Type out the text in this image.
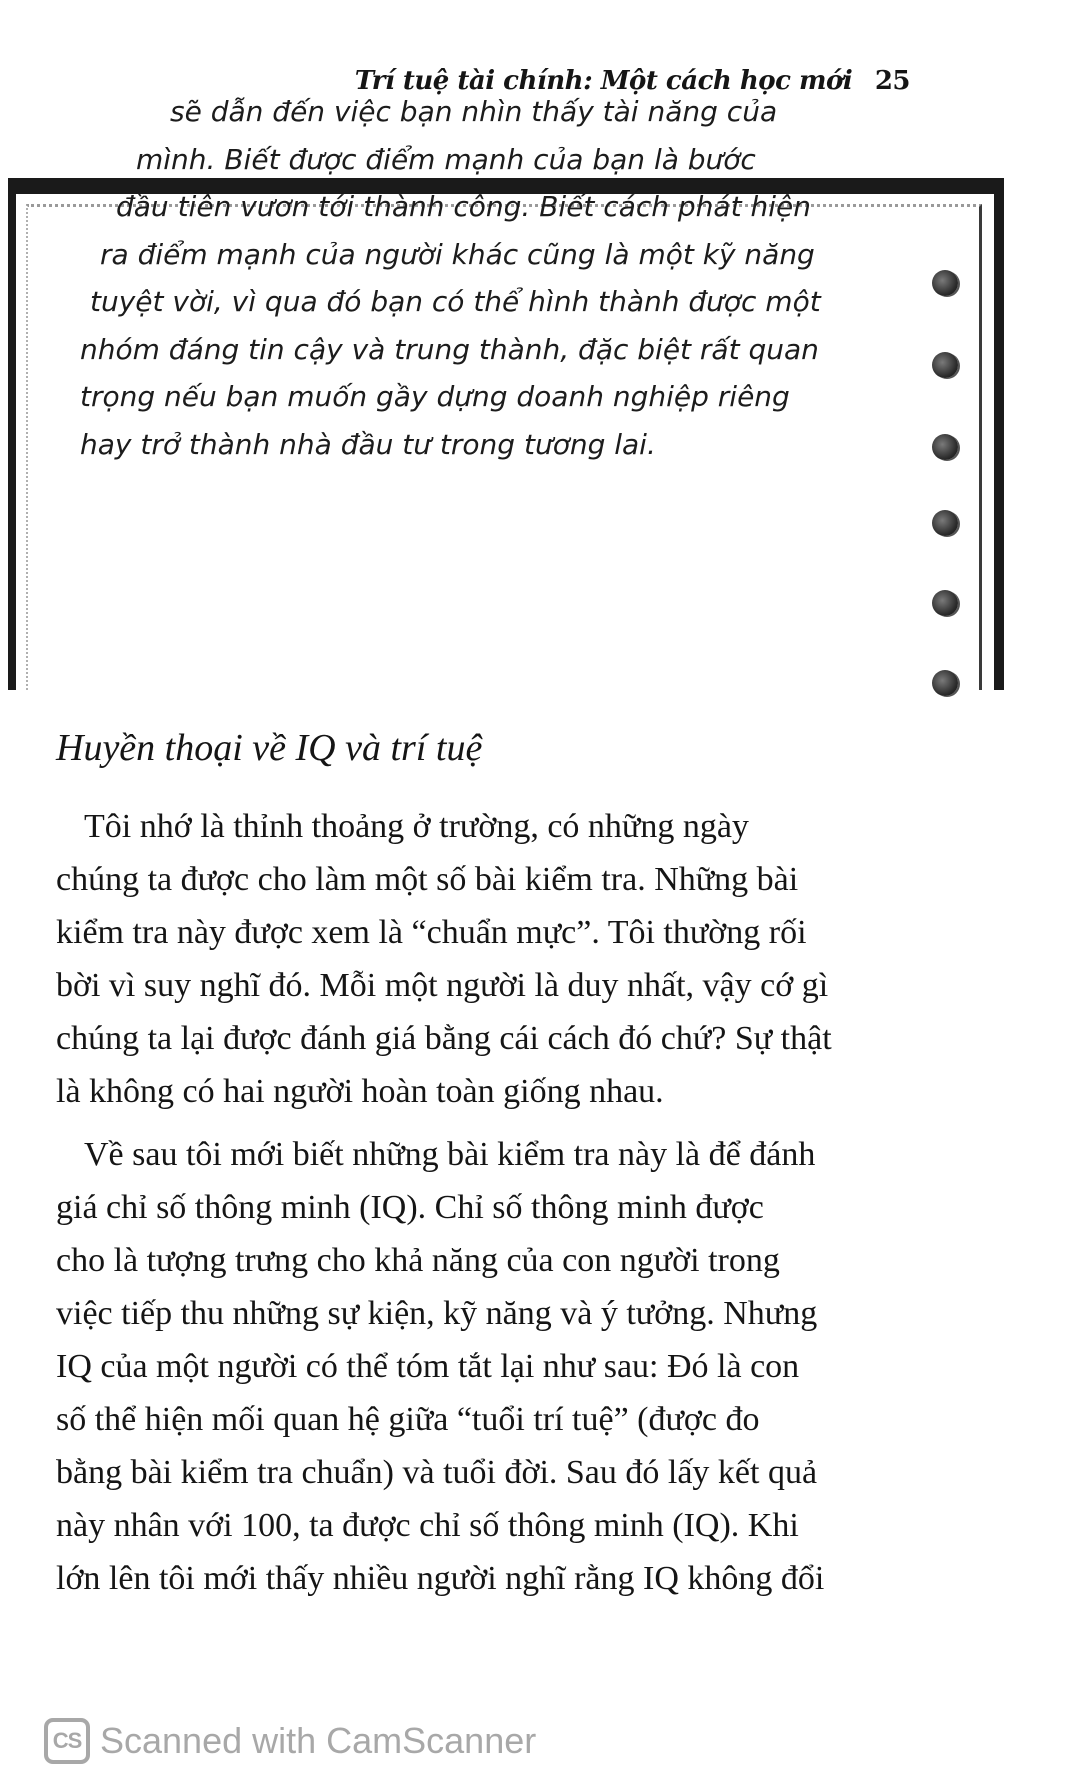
Trí tuệ tài chính: Một cách học mới 25

sẽ dẫn đến việc bạn nhìn thấy tài năng của
mình. Biết được điểm mạnh của bạn là bước
đầu tiên vươn tới thành công. Biết cách phát hiện
ra điểm mạnh của người khác cũng là một kỹ năng
tuyệt vời, vì qua đó bạn có thể hình thành được một
nhóm đáng tin cậy và trung thành, đặc biệt rất quan
trọng nếu bạn muốn gầy dựng doanh nghiệp riêng
hay trở thành nhà đầu tư trong tương lai.

Huyền thoại về IQ và trí tuệ

Tôi nhớ là thỉnh thoảng ở trường, có những ngày
chúng ta được cho làm một số bài kiểm tra. Những bài
kiểm tra này được xem là “chuẩn mực”. Tôi thường rối
bời vì suy nghĩ đó. Mỗi một người là duy nhất, vậy cớ gì
chúng ta lại được đánh giá bằng cái cách đó chứ? Sự thật
là không có hai người hoàn toàn giống nhau.

Về sau tôi mới biết những bài kiểm tra này là để đánh
giá chỉ số thông minh (IQ). Chỉ số thông minh được
cho là tượng trưng cho khả năng của con người trong
việc tiếp thu những sự kiện, kỹ năng và ý tưởng. Nhưng
IQ của một người có thể tóm tắt lại như sau: Đó là con
số thể hiện mối quan hệ giữa “tuổi trí tuệ” (được đo
bằng bài kiểm tra chuẩn) và tuổi đời. Sau đó lấy kết quả
này nhân với 100, ta được chỉ số thông minh (IQ). Khi
lớn lên tôi mới thấy nhiều người nghĩ rằng IQ không đổi

CS Scanned with CamScanner
